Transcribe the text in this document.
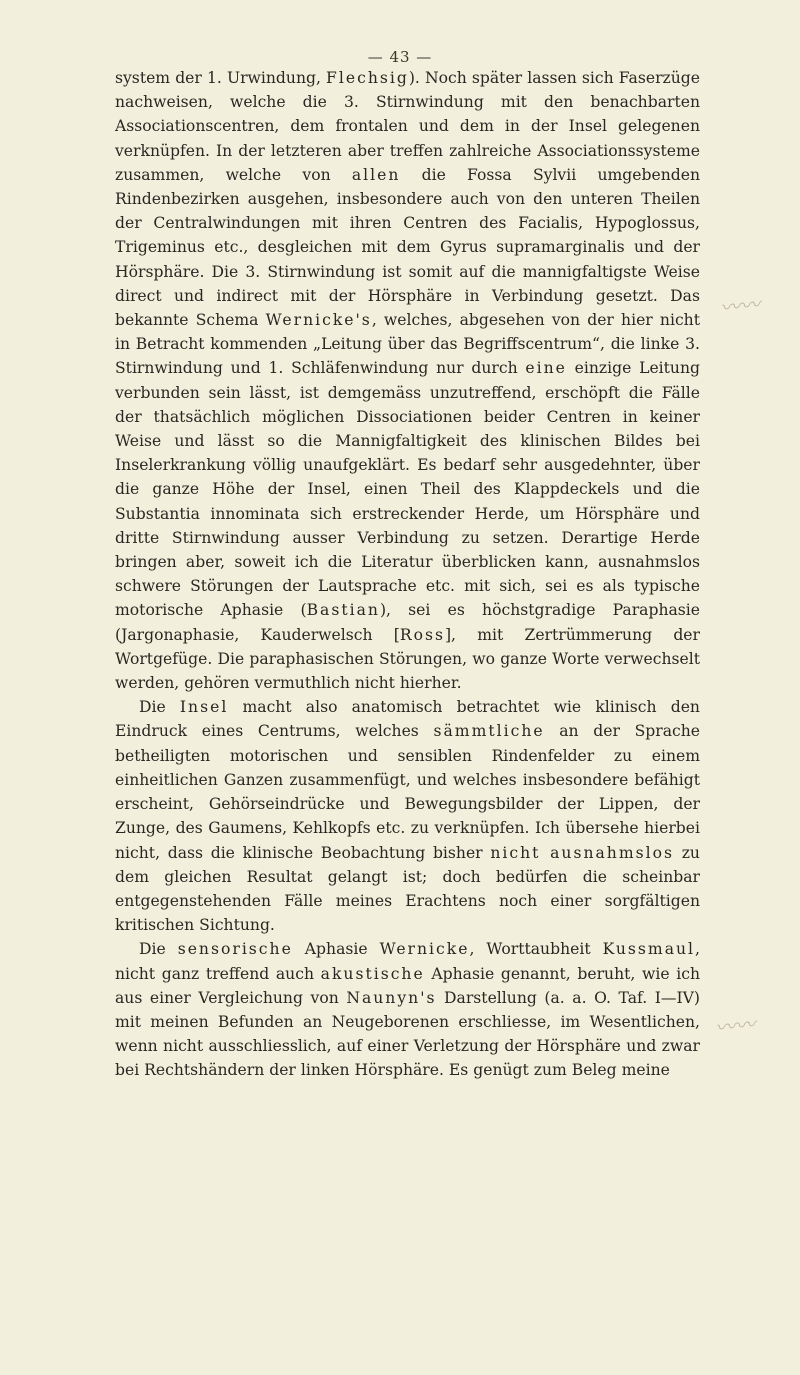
— 43 —

system der 1. Urwindung, Flechsig). Noch später lassen sich Faserzüge nachweisen, welche die 3. Stirnwindung mit den benachbarten Associationscentren, dem frontalen und dem in der Insel gelegenen verknüpfen. In der letzteren aber treffen zahlreiche Associationssysteme zusammen, welche von allen die Fossa Sylvii umgebenden Rindenbezirken ausgehen, insbesondere auch von den unteren Theilen der Centralwindungen mit ihren Centren des Facialis, Hypoglossus, Trigeminus etc., desgleichen mit dem Gyrus supramarginalis und der Hörsphäre. Die 3. Stirnwindung ist somit auf die mannigfaltigste Weise direct und indirect mit der Hörsphäre in Verbindung gesetzt. Das bekannte Schema Wernicke's, welches, abgesehen von der hier nicht in Betracht kommenden „Leitung über das Begriffscentrum“, die linke 3. Stirnwindung und 1. Schläfenwindung nur durch eine einzige Leitung verbunden sein lässt, ist demgemäss unzutreffend, erschöpft die Fälle der thatsächlich möglichen Dissociationen beider Centren in keiner Weise und lässt so die Mannigfaltigkeit des klinischen Bildes bei Inselerkrankung völlig unaufgeklärt. Es bedarf sehr ausgedehnter, über die ganze Höhe der Insel, einen Theil des Klappdeckels und die Substantia innominata sich erstreckender Herde, um Hörsphäre und dritte Stirnwindung ausser Verbindung zu setzen. Derartige Herde bringen aber, soweit ich die Literatur überblicken kann, ausnahmslos schwere Störungen der Lautsprache etc. mit sich, sei es als typische motorische Aphasie (Bastian), sei es höchstgradige Paraphasie (Jargonaphasie, Kauderwelsch [Ross], mit Zertrümmerung der Wortgefüge. Die paraphasischen Störungen, wo ganze Worte verwechselt werden, gehören vermuthlich nicht hierher.

Die Insel macht also anatomisch betrachtet wie klinisch den Eindruck eines Centrums, welches sämmtliche an der Sprache betheiligten motorischen und sensiblen Rindenfelder zu einem einheitlichen Ganzen zusammenfügt, und welches insbesondere befähigt erscheint, Gehörseindrücke und Bewegungsbilder der Lippen, der Zunge, des Gaumens, Kehlkopfs etc. zu verknüpfen. Ich übersehe hierbei nicht, dass die klinische Beobachtung bisher nicht ausnahmslos zu dem gleichen Resultat gelangt ist; doch bedürfen die scheinbar entgegenstehenden Fälle meines Erachtens noch einer sorgfältigen kritischen Sichtung.

Die sensorische Aphasie Wernicke, Worttaubheit Kussmaul, nicht ganz treffend auch akustische Aphasie genannt, beruht, wie ich aus einer Vergleichung von Naunyn's Darstellung (a. a. O. Taf. I—IV) mit meinen Befunden an Neugeborenen erschliesse, im Wesentlichen, wenn nicht ausschliesslich, auf einer Verletzung der Hörsphäre und zwar bei Rechtshändern der linken Hörsphäre. Es genügt zum Beleg meine

〰〰
〰〰
